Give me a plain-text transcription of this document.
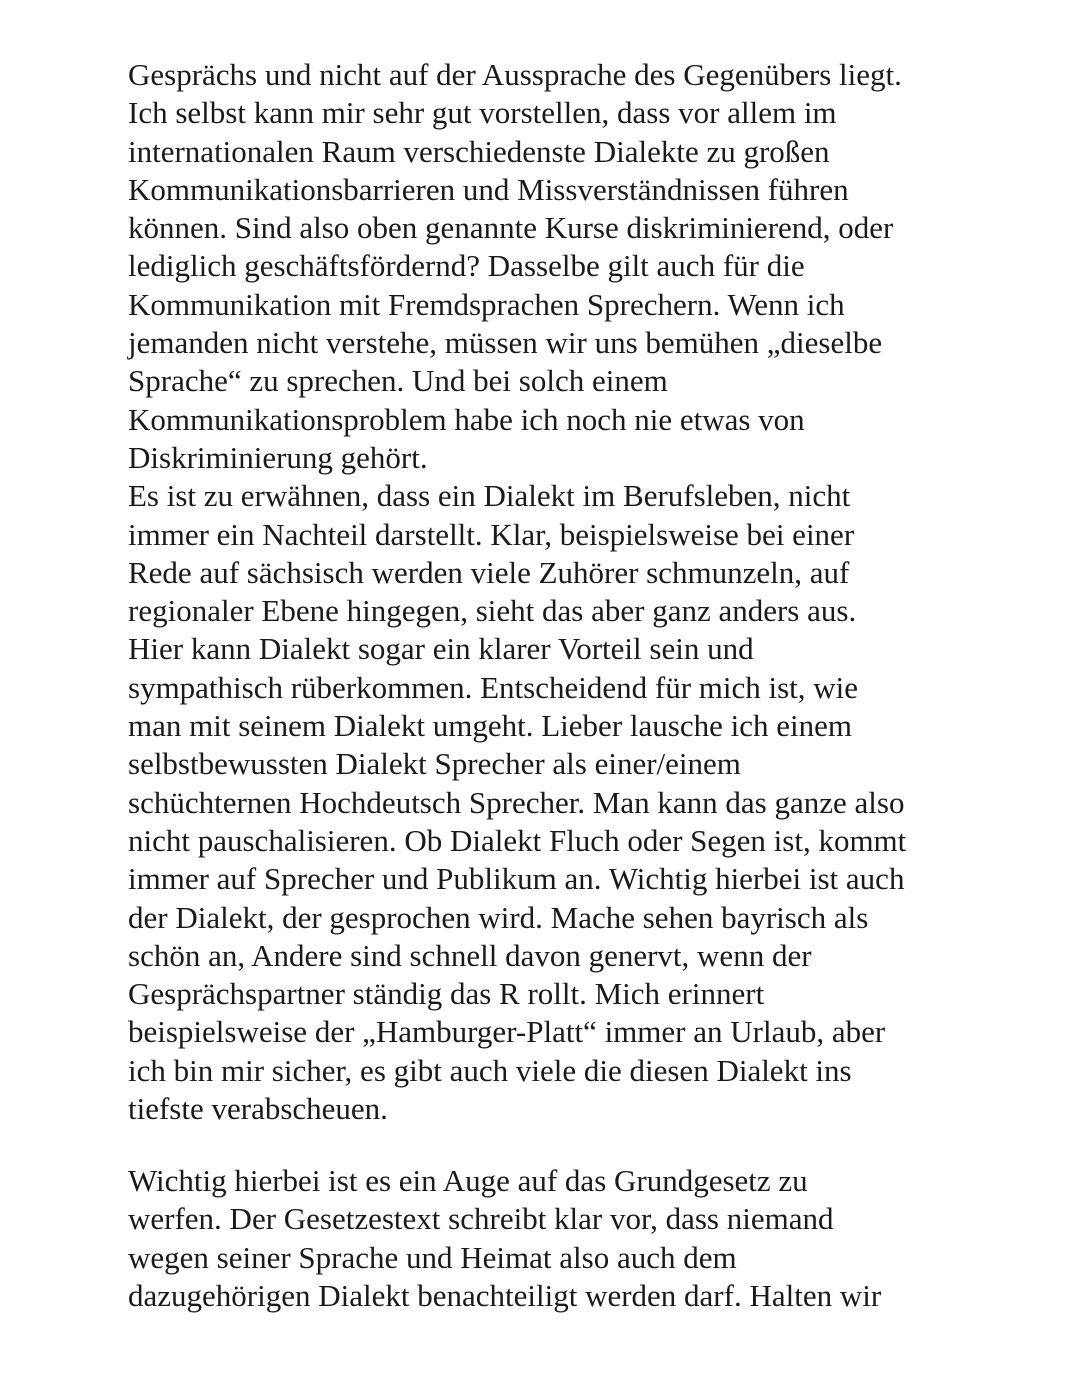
Gesprächs und nicht auf der Aussprache des Gegenübers liegt.
Ich selbst kann mir sehr gut vorstellen, dass vor allem im
internationalen Raum verschiedenste Dialekte zu großen
Kommunikationsbarrieren und Missverständnissen führen
können. Sind also oben genannte Kurse diskriminierend, oder
lediglich geschäftsfördernd? Dasselbe gilt auch für die
Kommunikation mit Fremdsprachen Sprechern. Wenn ich
jemanden nicht verstehe, müssen wir uns bemühen „dieselbe
Sprache“ zu sprechen. Und bei solch einem
Kommunikationsproblem habe ich noch nie etwas von
Diskriminierung gehört.
Es ist zu erwähnen, dass ein Dialekt im Berufsleben, nicht
immer ein Nachteil darstellt. Klar, beispielsweise bei einer
Rede auf sächsisch werden viele Zuhörer schmunzeln, auf
regionaler Ebene hingegen, sieht das aber ganz anders aus.
Hier kann Dialekt sogar ein klarer Vorteil sein und
sympathisch rüberkommen. Entscheidend für mich ist, wie
man mit seinem Dialekt umgeht. Lieber lausche ich einem
selbstbewussten Dialekt Sprecher als einer/einem
schüchternen Hochdeutsch Sprecher. Man kann das ganze also
nicht pauschalisieren. Ob Dialekt Fluch oder Segen ist, kommt
immer auf Sprecher und Publikum an. Wichtig hierbei ist auch
der Dialekt, der gesprochen wird. Mache sehen bayrisch als
schön an, Andere sind schnell davon genervt, wenn der
Gesprächspartner ständig das R rollt. Mich erinnert
beispielsweise der „Hamburger-Platt“ immer an Urlaub, aber
ich bin mir sicher, es gibt auch viele die diesen Dialekt ins
tiefste verabscheuen.
Wichtig hierbei ist es ein Auge auf das Grundgesetz zu
werfen. Der Gesetzestext schreibt klar vor, dass niemand
wegen seiner Sprache und Heimat also auch dem
dazugehörigen Dialekt benachteiligt werden darf. Halten wir
